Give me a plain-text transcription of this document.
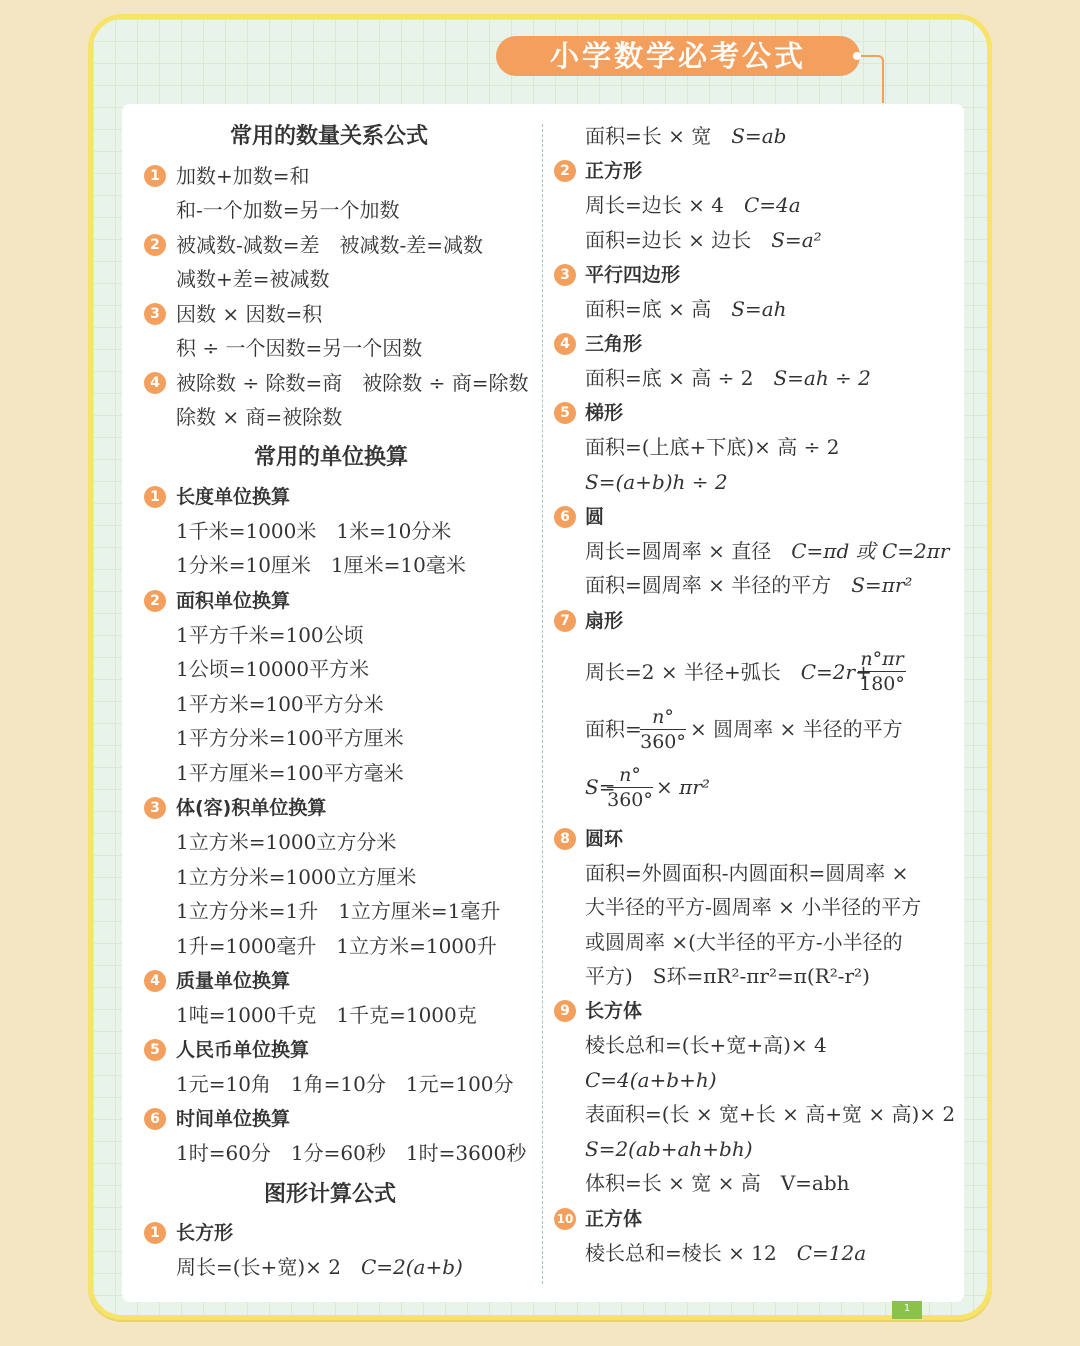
小学数学必考公式
常用的数量关系公式
1 加数+加数=和
和-一个加数=另一个加数
2 被减数-减数=差　被减数-差=减数
减数+差=被减数
3 因数 × 因数=积
积 ÷ 一个因数=另一个因数
4 被除数 ÷ 除数=商　被除数 ÷ 商=除数
除数 × 商=被除数
常用的单位换算
1 长度单位换算
1千米=1000米　1米=10分米
1分米=10厘米　1厘米=10毫米
2 面积单位换算
1平方千米=100公顷
1公顷=10000平方米
1平方米=100平方分米
1平方分米=100平方厘米
1平方厘米=100平方毫米
3 体(容)积单位换算
1立方米=1000立方分米
1立方分米=1000立方厘米
1立方分米=1升　1立方厘米=1毫升
1升=1000毫升　1立方米=1000升
4 质量单位换算
1吨=1000千克　1千克=1000克
5 人民币单位换算
1元=10角　1角=10分　1元=100分
6 时间单位换算
1时=60分　1分=60秒　1时=3600秒
图形计算公式
1 长方形
周长=(长+宽)× 2　 C=2(a+b)
面积=长 × 宽　 S=ab
2 正方形
周长=边长 × 4　 C=4a
面积=边长 × 边长　 S=a²
3 平行四边形
面积=底 × 高　 S=ah
4 三角形
面积=底 × 高 ÷ 2　 S=ah ÷ 2
5 梯形
面积=(上底+下底)× 高 ÷ 2
S=(a+b)h ÷ 2
6 圆
周长=圆周率 × 直径　 C=πd 或 C=2πr
面积=圆周率 × 半径的平方　 S=πr²
7 扇形
周长=2 × 半径+弧长　 C=2r+
n°πr
180°
面积= n°
360°
× 圆周率 × 半径的平方
S= n°
360°
× πr²
8 圆环
面积=外圆面积-内圆面积=圆周率 ×
大半径的平方-圆周率 × 小半径的平方
或圆周率 ×(大半径的平方-小半径的
平方)　S环=πR²-πr²=π(R²-r²)
9 长方体
棱长总和=(长+宽+高)× 4
C=4(a+b+h)
表面积=(长 × 宽+长 × 高+宽 × 高)× 2
S=2(ab+ah+bh)
体积=长 × 宽 × 高　V=abh
10 正方体
棱长总和=棱长 × 12　 C=12a
1
